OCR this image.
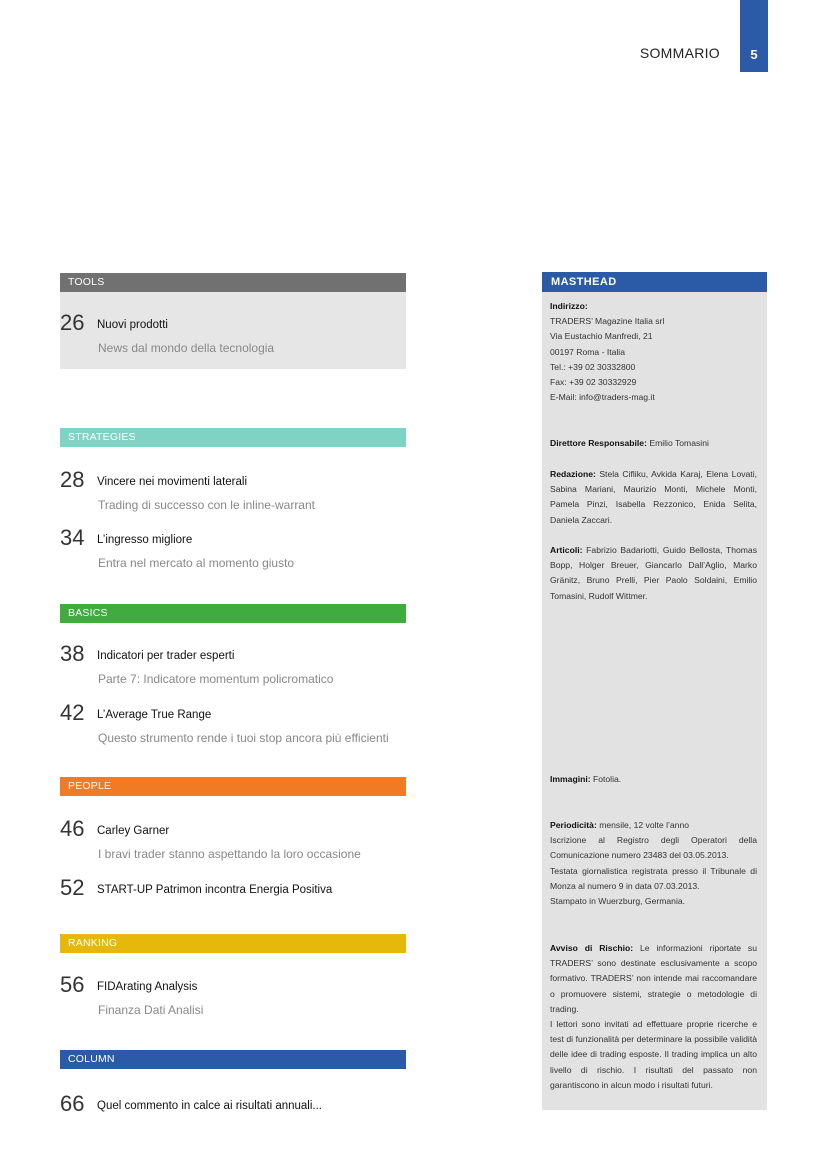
SOMMARIO 5
TOOLS
26 Nuovi prodotti
News dal mondo della tecnologia
STRATEGIES
28 Vincere nei movimenti laterali
Trading di successo con le inline-warrant
34 L’ingresso migliore
Entra nel mercato al momento giusto
BASICS
38 Indicatori per trader esperti
Parte 7: Indicatore momentum policromatico
42 L’Average True Range
Questo strumento rende i tuoi stop ancora più efficienti
PEOPLE
46 Carley Garner
I bravi trader stanno aspettando la loro occasione
52 START-UP Patrimon incontra Energia Positiva
RANKING
56 FIDArating Analysis
Finanza Dati Analisi
COLUMN
66 Quel commento in calce ai risultati annuali...
MASTHEAD
Indirizzo:
TRADERS’ Magazine Italia srl
Via Eustachio Manfredi, 21
00197 Roma - Italia
Tel.: +39 02 30332800
Fax: +39 02 30332929
E-Mail: info@traders-mag.it
Direttore Responsabile: Emilio Tomasini
Redazione: Stela Cifliku, Avkida Karaj, Elena Lovati, Sabina Mariani, Maurizio Monti, Michele Monti, Pamela Pinzi, Isabella Rezzonico, Enida Selita, Daniela Zaccari.
Articoli: Fabrizio Badariotti, Guido Bellosta, Thomas Bopp, Holger Breuer, Giancarlo Dall’Aglio, Marko Gränitz, Bruno Prelli, Pier Paolo Soldaini, Emilio Tomasini, Rudolf Wittmer.
Immagini: Fotolia.
Periodicità: mensile, 12 volte l’anno
Iscrizione al Registro degli Operatori della Comunicazione numero 23483 del 03.05.2013.
Testata giornalistica registrata presso il Tribunale di Monza al numero 9 in data 07.03.2013.
Stampato in Wuerzburg, Germania.
Avviso di Rischio: Le informazioni riportate su TRADERS’ sono destinate esclusivamente a scopo formativo. TRADERS’ non intende mai raccomandare o promuovere sistemi, strategie o metodologie di trading.
I lettori sono invitati ad effettuare proprie ricerche e test di funzionalità per determinare la possibile validità delle idee di trading esposte. Il trading implica un alto livello di rischio. I risultati del passato non garantiscono in alcun modo i risultati futuri.
